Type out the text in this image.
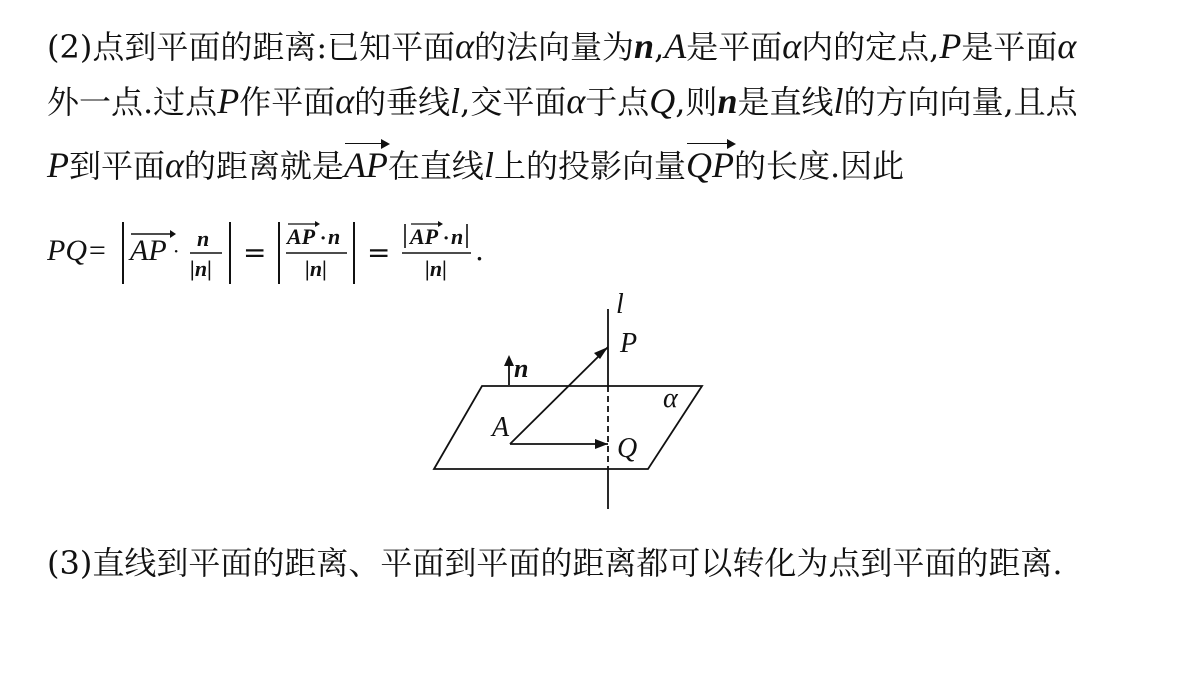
(2)点到平面的距离:已知平面α的法向量为n,A是平面α内的定点,P是平面α
外一点.过点P作平面α的垂线l,交平面α于点Q,则n是直线l的方向向量,且点
P到平面α的距离就是AP在直线l上的投影向量QP的长度.因此
PQ= AP · n
|n| = AP · n
|n| = AP · n
|n|
.
l
P
n
α
A
Q
(3)直线到平面的距离、平面到平面的距离都可以转化为点到平面的距离.
